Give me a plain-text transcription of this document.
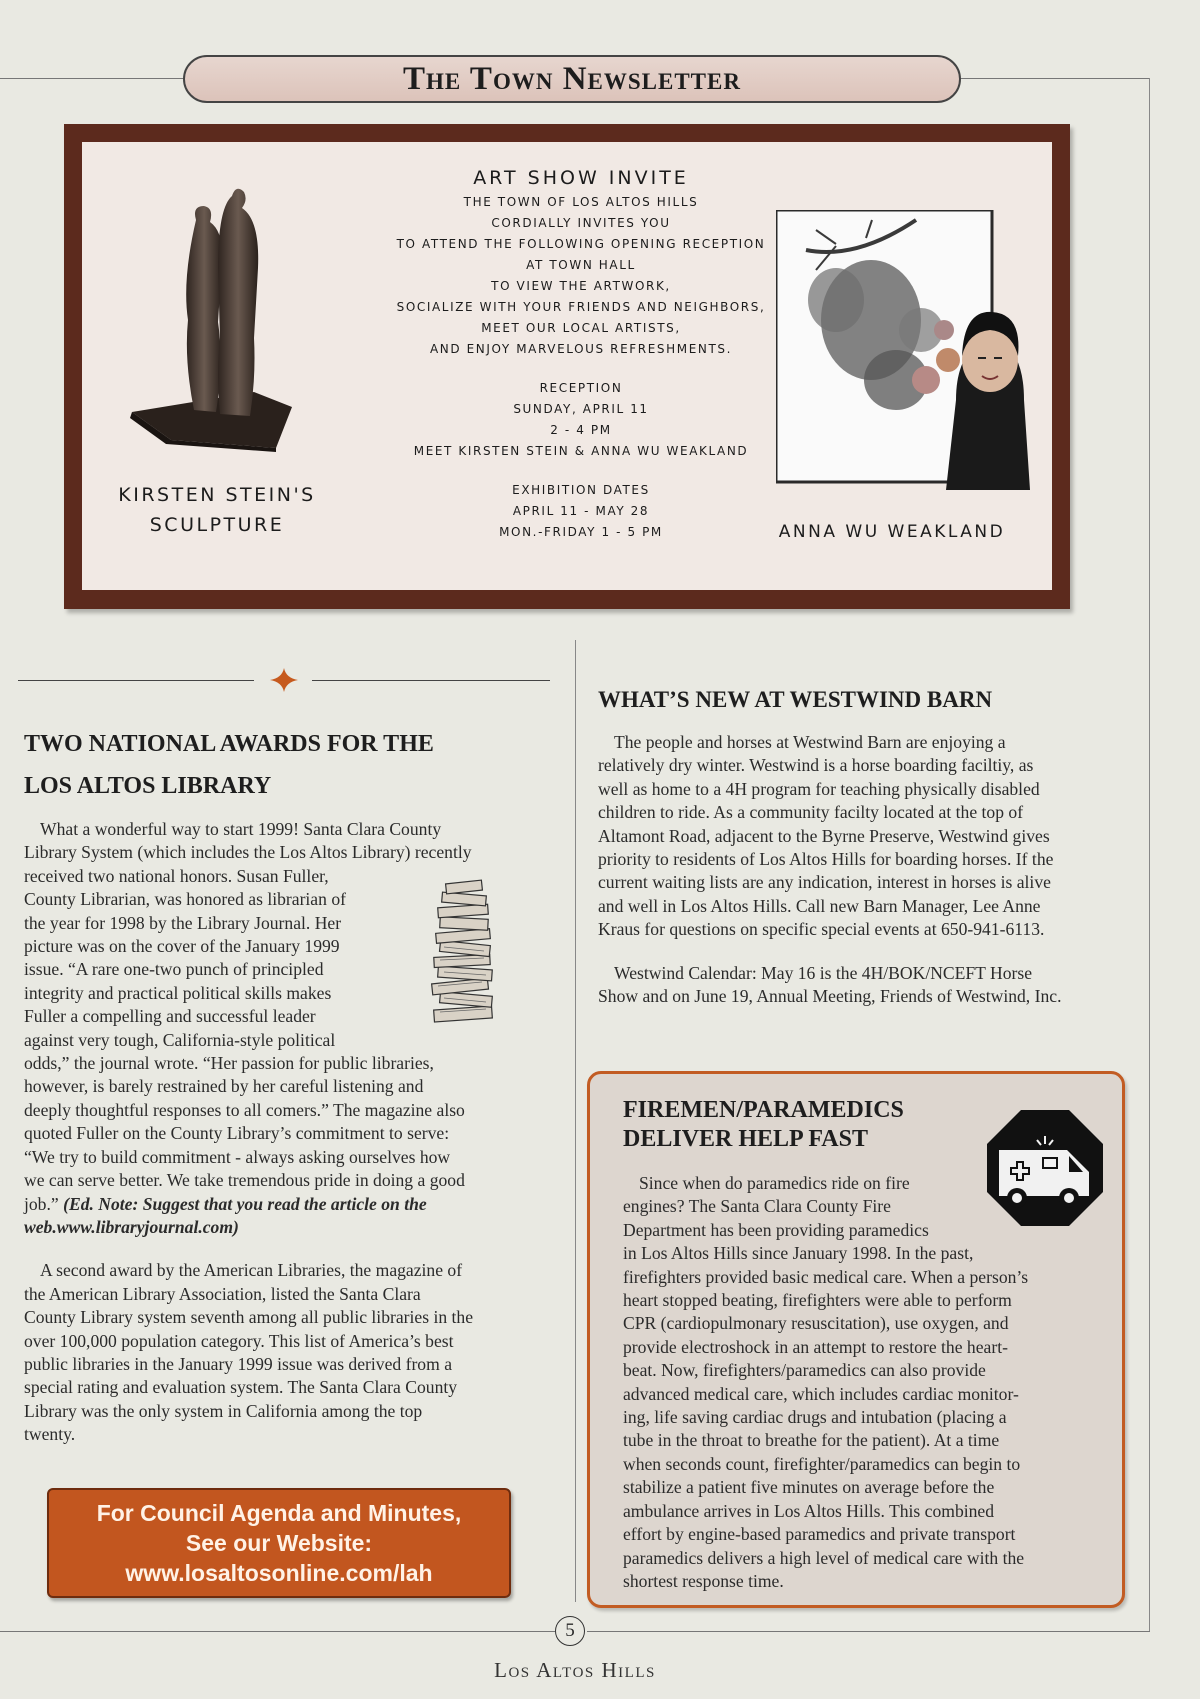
The Town Newsletter
ART SHOW INVITE
THE TOWN OF LOS ALTOS HILLS
CORDIALLY INVITES YOU
TO ATTEND THE FOLLOWING OPENING RECEPTION
AT TOWN HALL
TO VIEW THE ARTWORK,
SOCIALIZE WITH YOUR FRIENDS AND NEIGHBORS,
MEET OUR LOCAL ARTISTS,
AND ENJOY MARVELOUS REFRESHMENTS.
RECEPTION
SUNDAY, APRIL 11
2 - 4 PM
MEET KIRSTEN STEIN & ANNA WU WEAKLAND
EXHIBITION DATES
APRIL 11 - MAY 28
MON.-FRIDAY 1 - 5 PM
KIRSTEN STEIN'S
SCULPTURE	ANNA WU WEAKLAND
TWO NATIONAL AWARDS FOR THE
LOS ALTOS LIBRARY
What a wonderful way to start 1999! Santa Clara County
Library System (which includes the Los Altos Library) recently
received two national honors. Susan Fuller,
County Librarian, was honored as librarian of
the year for 1998 by the Library Journal. Her
picture was on the cover of the January 1999
issue. “A rare one-two punch of principled
integrity and practical political skills makes
Fuller a compelling and successful leader
against very tough, California-style political
odds,” the journal wrote. “Her passion for public libraries,
however, is barely restrained by her careful listening and
deeply thoughtful responses to all comers.” The magazine also
quoted Fuller on the County Library’s commitment to serve:
“We try to build commitment - always asking ourselves how
we can serve better. We take tremendous pride in doing a good
job.” (Ed. Note: Suggest that you read the article on the
web.www.libraryjournal.com)
A second award by the American Libraries, the magazine of
the American Library Association, listed the Santa Clara
County Library system seventh among all public libraries in the
over 100,000 population category. This list of America’s best
public libraries in the January 1999 issue was derived from a
special rating and evaluation system. The Santa Clara County
Library was the only system in California among the top
twenty.
For Council Agenda and Minutes,
See our Website:
www.losaltosonline.com/lah
WHAT’S NEW AT WESTWIND BARN
The people and horses at Westwind Barn are enjoying a
relatively dry winter. Westwind is a horse boarding faciltiy, as
well as home to a 4H program for teaching physically disabled
children to ride. As a community facilty located at the top of
Altamont Road, adjacent to the Byrne Preserve, Westwind gives
priority to residents of Los Altos Hills for boarding horses. If the
current waiting lists are any indication, interest in horses is alive
and well in Los Altos Hills. Call new Barn Manager, Lee Anne
Kraus for questions on specific special events at 650-941-6113.
Westwind Calendar: May 16 is the 4H/BOK/NCEFT Horse
Show and on June 19, Annual Meeting, Friends of Westwind, Inc.
FIREMEN/PARAMEDICS
DELIVER HELP FAST
Since when do paramedics ride on fire
engines? The Santa Clara County Fire
Department has been providing paramedics
in Los Altos Hills since January 1998. In the past,
firefighters provided basic medical care. When a person’s
heart stopped beating, firefighters were able to perform
CPR (cardiopulmonary resuscitation), use oxygen, and
provide electroshock in an attempt to restore the heart-
beat. Now, firefighters/paramedics can also provide
advanced medical care, which includes cardiac monitor-
ing, life saving cardiac drugs and intubation (placing a
tube in the throat to breathe for the patient). At a time
when seconds count, firefighter/paramedics can begin to
stabilize a patient five minutes on average before the
ambulance arrives in Los Altos Hills. This combined
effort by engine-based paramedics and private transport
paramedics delivers a high level of medical care with the
shortest response time.
5
Los Altos Hills
